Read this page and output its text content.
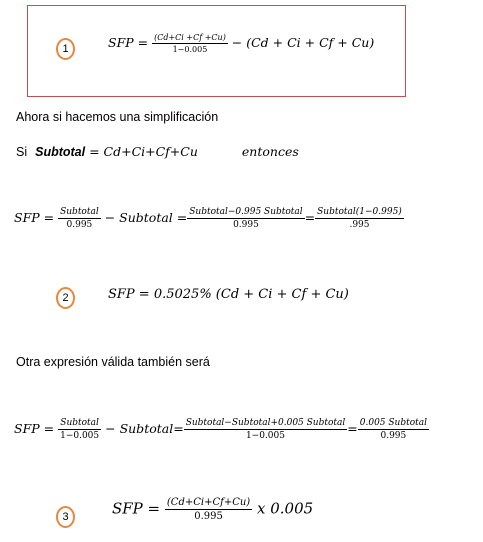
1	SFP = $\frac{(Cd+Ci +Cf +Cu)}{1-0.005} - (Cd + Ci + Cf + Cu)$
Ahora si hacemos una simplificación
Si Subtotal = Cd+Ci+Cf+Cu	entonces
SFP = $\frac{\text{Subtotal}}{0.995}$ − Subtotal = $\frac{\text{Subtotal−0.995 Subtotal}}{0.995} = \frac{\text{Subtotal(1−0.995)}}{.995}$
2	SFP = 0.5025% (Cd + Ci + Cf + Cu)
Otra expresión válida también será
SFP = $\frac{\text{Subtotal}}{1-0.005}$ − Subtotal= $\frac{\text{Subtotal−Subtotal+0.005 Subtotal}}{1-0.005} = \frac{\text{0.005 Subtotal}}{0.995}$
3	SFP = $\frac{(Cd+Ci+Cf+Cu)}{0.995}$ x 0.005
